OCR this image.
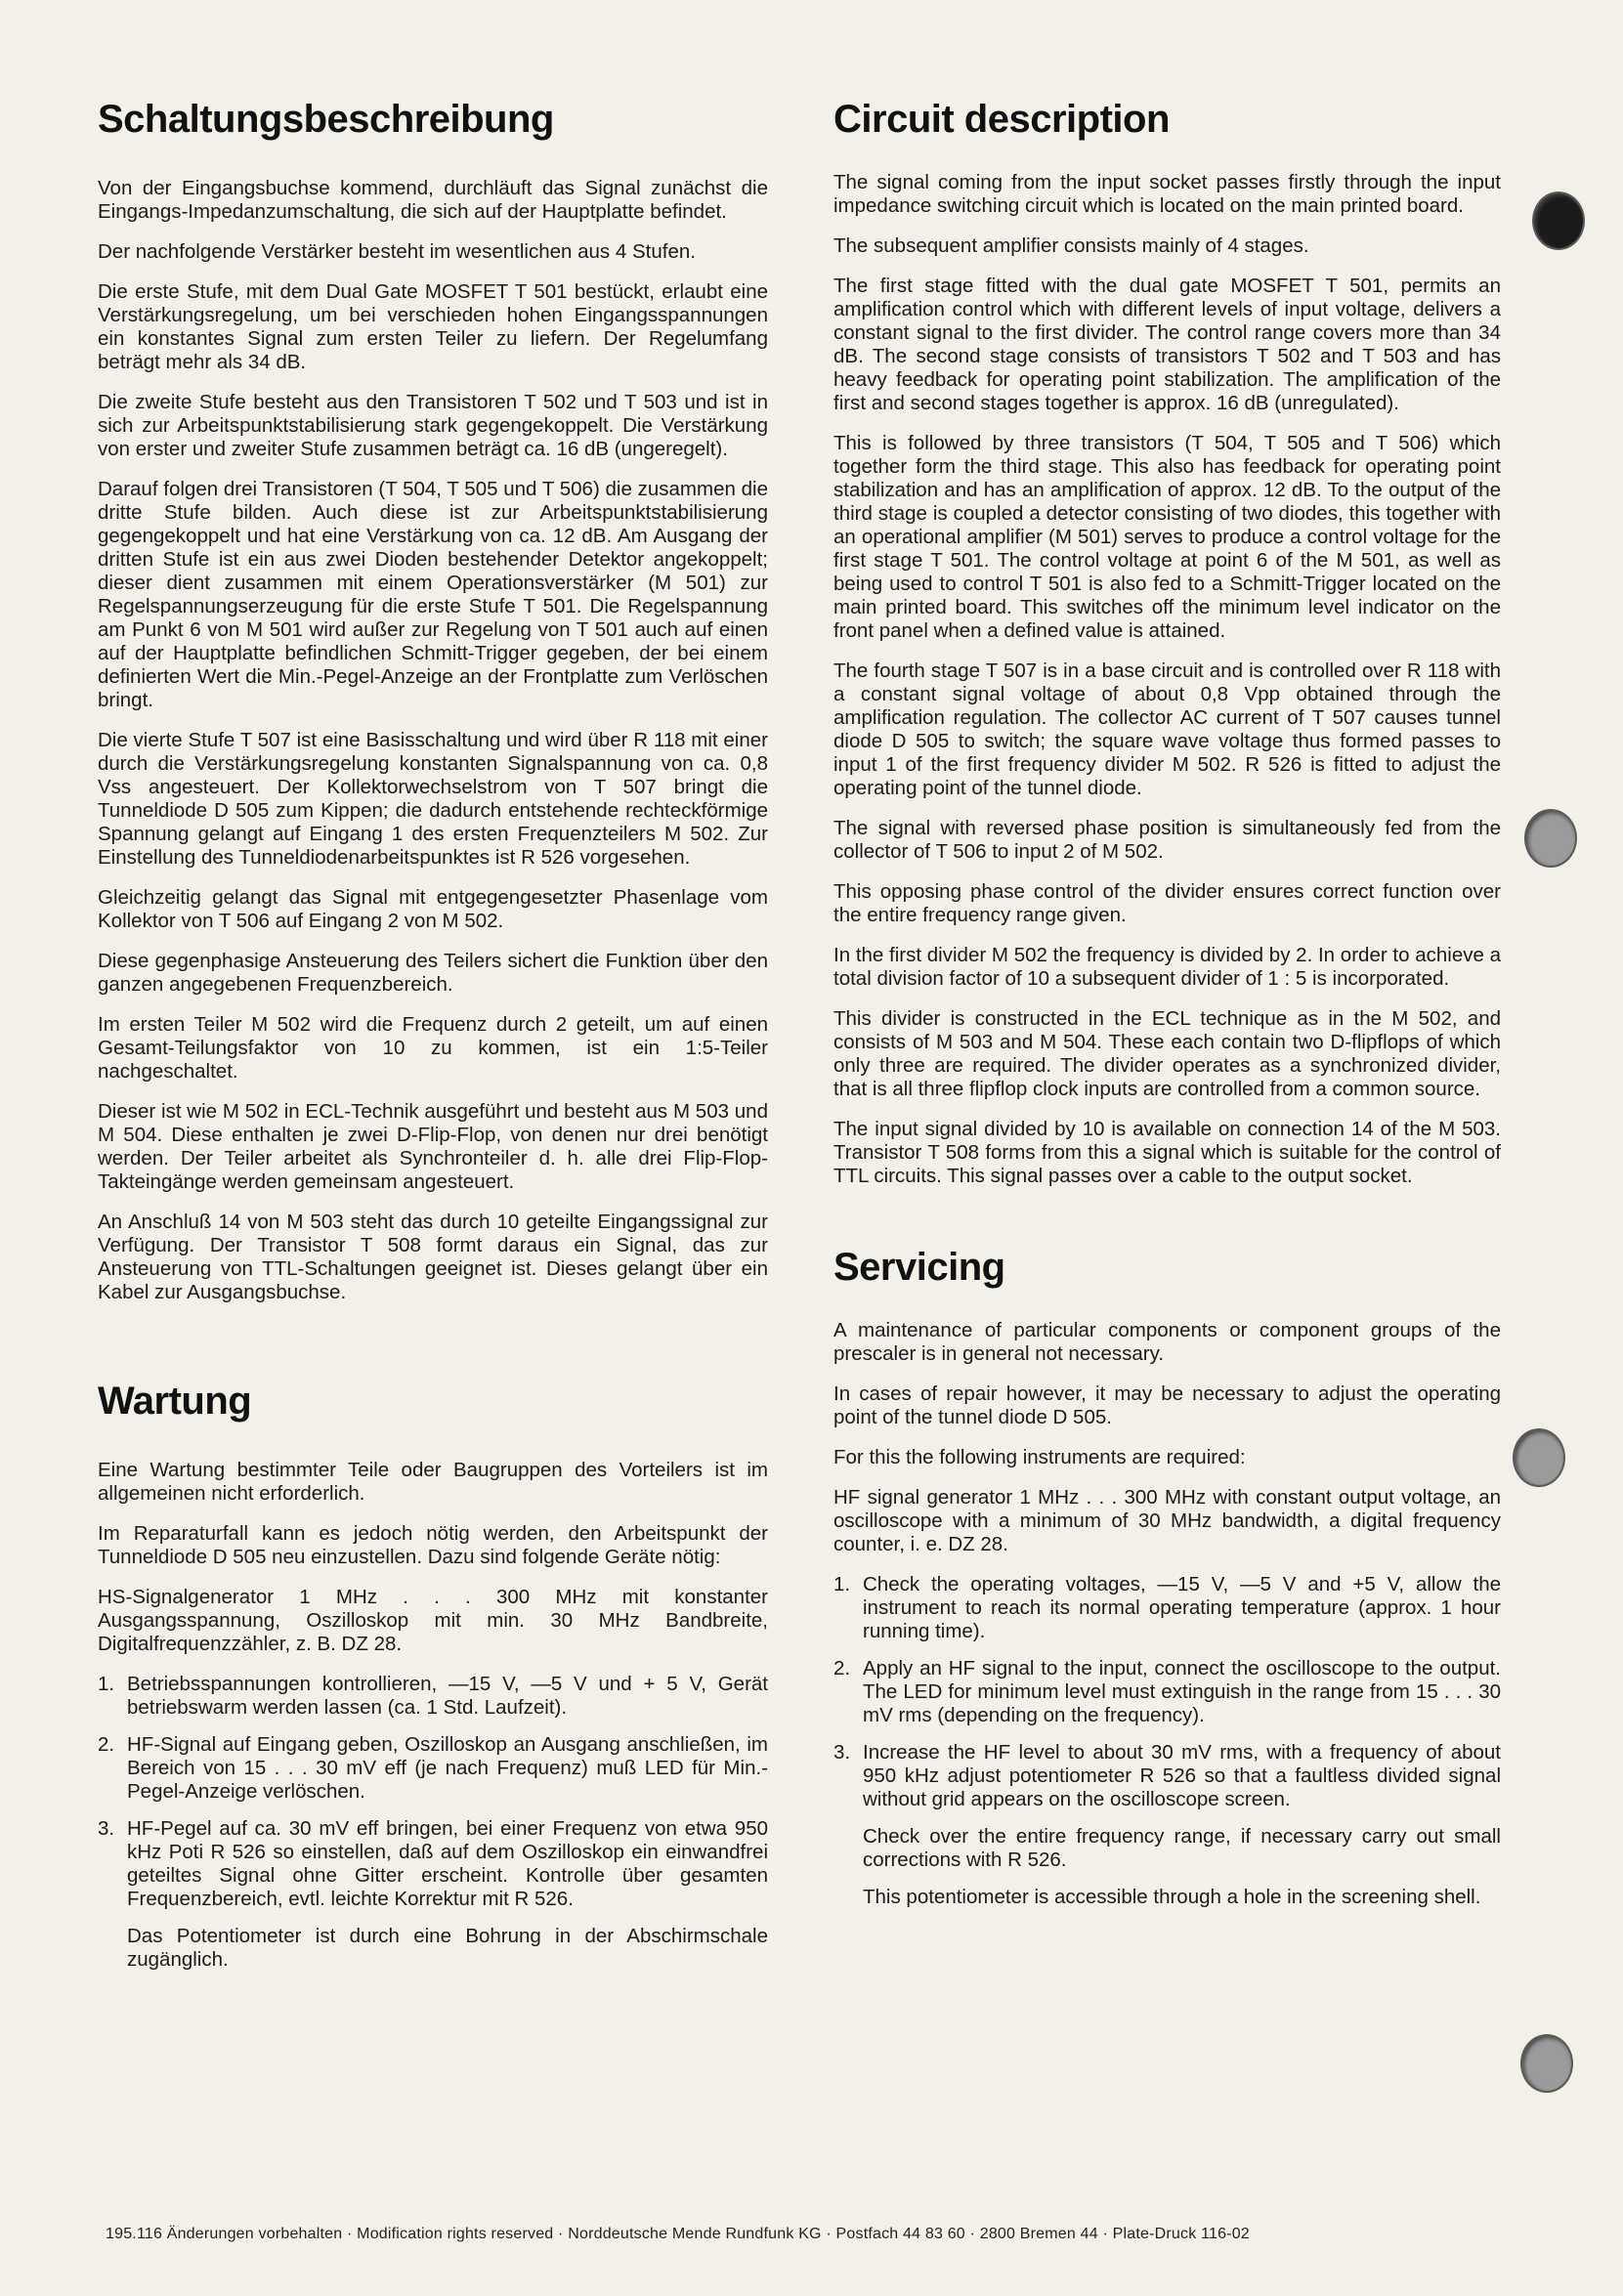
Schaltungsbeschreibung

Von der Eingangsbuchse kommend, durchläuft das Signal zunächst die Eingangs-Impedanzumschaltung, die sich auf der Hauptplatte befindet.

Der nachfolgende Verstärker besteht im wesentlichen aus 4 Stufen.

Die erste Stufe, mit dem Dual Gate MOSFET T 501 bestückt, erlaubt eine Verstärkungsregelung, um bei verschieden hohen Eingangsspannungen ein konstantes Signal zum ersten Teiler zu liefern. Der Regelumfang beträgt mehr als 34 dB.

Die zweite Stufe besteht aus den Transistoren T 502 und T 503 und ist in sich zur Arbeitspunktstabilisierung stark gegengekoppelt. Die Verstärkung von erster und zweiter Stufe zusammen beträgt ca. 16 dB (ungeregelt).

Darauf folgen drei Transistoren (T 504, T 505 und T 506) die zusammen die dritte Stufe bilden. Auch diese ist zur Arbeitspunktstabilisierung gegengekoppelt und hat eine Verstärkung von ca. 12 dB. Am Ausgang der dritten Stufe ist ein aus zwei Dioden bestehender Detektor angekoppelt; dieser dient zusammen mit einem Operationsverstärker (M 501) zur Regelspannungserzeugung für die erste Stufe T 501. Die Regelspannung am Punkt 6 von M 501 wird außer zur Regelung von T 501 auch auf einen auf der Hauptplatte befindlichen Schmitt-Trigger gegeben, der bei einem definierten Wert die Min.-Pegel-Anzeige an der Frontplatte zum Verlöschen bringt.

Die vierte Stufe T 507 ist eine Basisschaltung und wird über R 118 mit einer durch die Verstärkungsregelung konstanten Signalspannung von ca. 0,8 Vss angesteuert. Der Kollektorwechselstrom von T 507 bringt die Tunneldiode D 505 zum Kippen; die dadurch entstehende rechteckförmige Spannung gelangt auf Eingang 1 des ersten Frequenzteilers M 502. Zur Einstellung des Tunneldiodenarbeitspunktes ist R 526 vorgesehen.

Gleichzeitig gelangt das Signal mit entgegengesetzter Phasenlage vom Kollektor von T 506 auf Eingang 2 von M 502.

Diese gegenphasige Ansteuerung des Teilers sichert die Funktion über den ganzen angegebenen Frequenzbereich.

Im ersten Teiler M 502 wird die Frequenz durch 2 geteilt, um auf einen Gesamt-Teilungsfaktor von 10 zu kommen, ist ein 1:5-Teiler nachgeschaltet.

Dieser ist wie M 502 in ECL-Technik ausgeführt und besteht aus M 503 und M 504. Diese enthalten je zwei D-Flip-Flop, von denen nur drei benötigt werden. Der Teiler arbeitet als Synchronteiler d. h. alle drei Flip-Flop-Takteingänge werden gemeinsam angesteuert.

An Anschluß 14 von M 503 steht das durch 10 geteilte Eingangssignal zur Verfügung. Der Transistor T 508 formt daraus ein Signal, das zur Ansteuerung von TTL-Schaltungen geeignet ist. Dieses gelangt über ein Kabel zur Ausgangsbuchse.

Wartung

Eine Wartung bestimmter Teile oder Baugruppen des Vorteilers ist im allgemeinen nicht erforderlich.

Im Reparaturfall kann es jedoch nötig werden, den Arbeitspunkt der Tunneldiode D 505 neu einzustellen. Dazu sind folgende Geräte nötig:

HS-Signalgenerator 1 MHz . . . 300 MHz mit konstanter Ausgangsspannung, Oszilloskop mit min. 30 MHz Bandbreite, Digitalfrequenzzähler, z. B. DZ 28.

1. Betriebsspannungen kontrollieren, —15 V, —5 V und + 5 V, Gerät betriebswarm werden lassen (ca. 1 Std. Laufzeit).

2. HF-Signal auf Eingang geben, Oszilloskop an Ausgang anschließen, im Bereich von 15 . . . 30 mV eff (je nach Frequenz) muß LED für Min.-Pegel-Anzeige verlöschen.

3. HF-Pegel auf ca. 30 mV eff bringen, bei einer Frequenz von etwa 950 kHz Poti R 526 so einstellen, daß auf dem Oszilloskop ein einwandfrei geteiltes Signal ohne Gitter erscheint. Kontrolle über gesamten Frequenzbereich, evtl. leichte Korrektur mit R 526.

Das Potentiometer ist durch eine Bohrung in der Abschirmschale zugänglich.

Circuit description

The signal coming from the input socket passes firstly through the input impedance switching circuit which is located on the main printed board.

The subsequent amplifier consists mainly of 4 stages.

The first stage fitted with the dual gate MOSFET T 501, permits an amplification control which with different levels of input voltage, delivers a constant signal to the first divider. The control range covers more than 34 dB. The second stage consists of transistors T 502 and T 503 and has heavy feedback for operating point stabilization. The amplification of the first and second stages together is approx. 16 dB (unregulated).

This is followed by three transistors (T 504, T 505 and T 506) which together form the third stage. This also has feedback for operating point stabilization and has an amplification of approx. 12 dB. To the output of the third stage is coupled a detector consisting of two diodes, this together with an operational amplifier (M 501) serves to produce a control voltage for the first stage T 501. The control voltage at point 6 of the M 501, as well as being used to control T 501 is also fed to a Schmitt-Trigger located on the main printed board. This switches off the minimum level indicator on the front panel when a defined value is attained.

The fourth stage T 507 is in a base circuit and is controlled over R 118 with a constant signal voltage of about 0,8 Vpp obtained through the amplification regulation. The collector AC current of T 507 causes tunnel diode D 505 to switch; the square wave voltage thus formed passes to input 1 of the first frequency divider M 502. R 526 is fitted to adjust the operating point of the tunnel diode.

The signal with reversed phase position is simultaneously fed from the collector of T 506 to input 2 of M 502.

This opposing phase control of the divider ensures correct function over the entire frequency range given.

In the first divider M 502 the frequency is divided by 2. In order to achieve a total division factor of 10 a subsequent divider of 1 : 5 is incorporated.

This divider is constructed in the ECL technique as in the M 502, and consists of M 503 and M 504. These each contain two D-flipflops of which only three are required. The divider operates as a synchronized divider, that is all three flipflop clock inputs are controlled from a common source.

The input signal divided by 10 is available on connection 14 of the M 503. Transistor T 508 forms from this a signal which is suitable for the control of TTL circuits. This signal passes over a cable to the output socket.

Servicing

A maintenance of particular components or component groups of the prescaler is in general not necessary.

In cases of repair however, it may be necessary to adjust the operating point of the tunnel diode D 505.

For this the following instruments are required:

HF signal generator 1 MHz . . . 300 MHz with constant output voltage, an oscilloscope with a minimum of 30 MHz bandwidth, a digital frequency counter, i. e. DZ 28.

1. Check the operating voltages, —15 V, —5 V and +5 V, allow the instrument to reach its normal operating temperature (approx. 1 hour running time).

2. Apply an HF signal to the input, connect the oscilloscope to the output. The LED for minimum level must extinguish in the range from 15 . . . 30 mV rms (depending on the frequency).

3. Increase the HF level to about 30 mV rms, with a frequency of about 950 kHz adjust potentiometer R 526 so that a faultless divided signal without grid appears on the oscilloscope screen.

Check over the entire frequency range, if necessary carry out small corrections with R 526.

This potentiometer is accessible through a hole in the screening shell.

195.116 Änderungen vorbehalten · Modification rights reserved · Norddeutsche Mende Rundfunk KG · Postfach 44 83 60 · 2800 Bremen 44 · Plate-Druck 116-02
